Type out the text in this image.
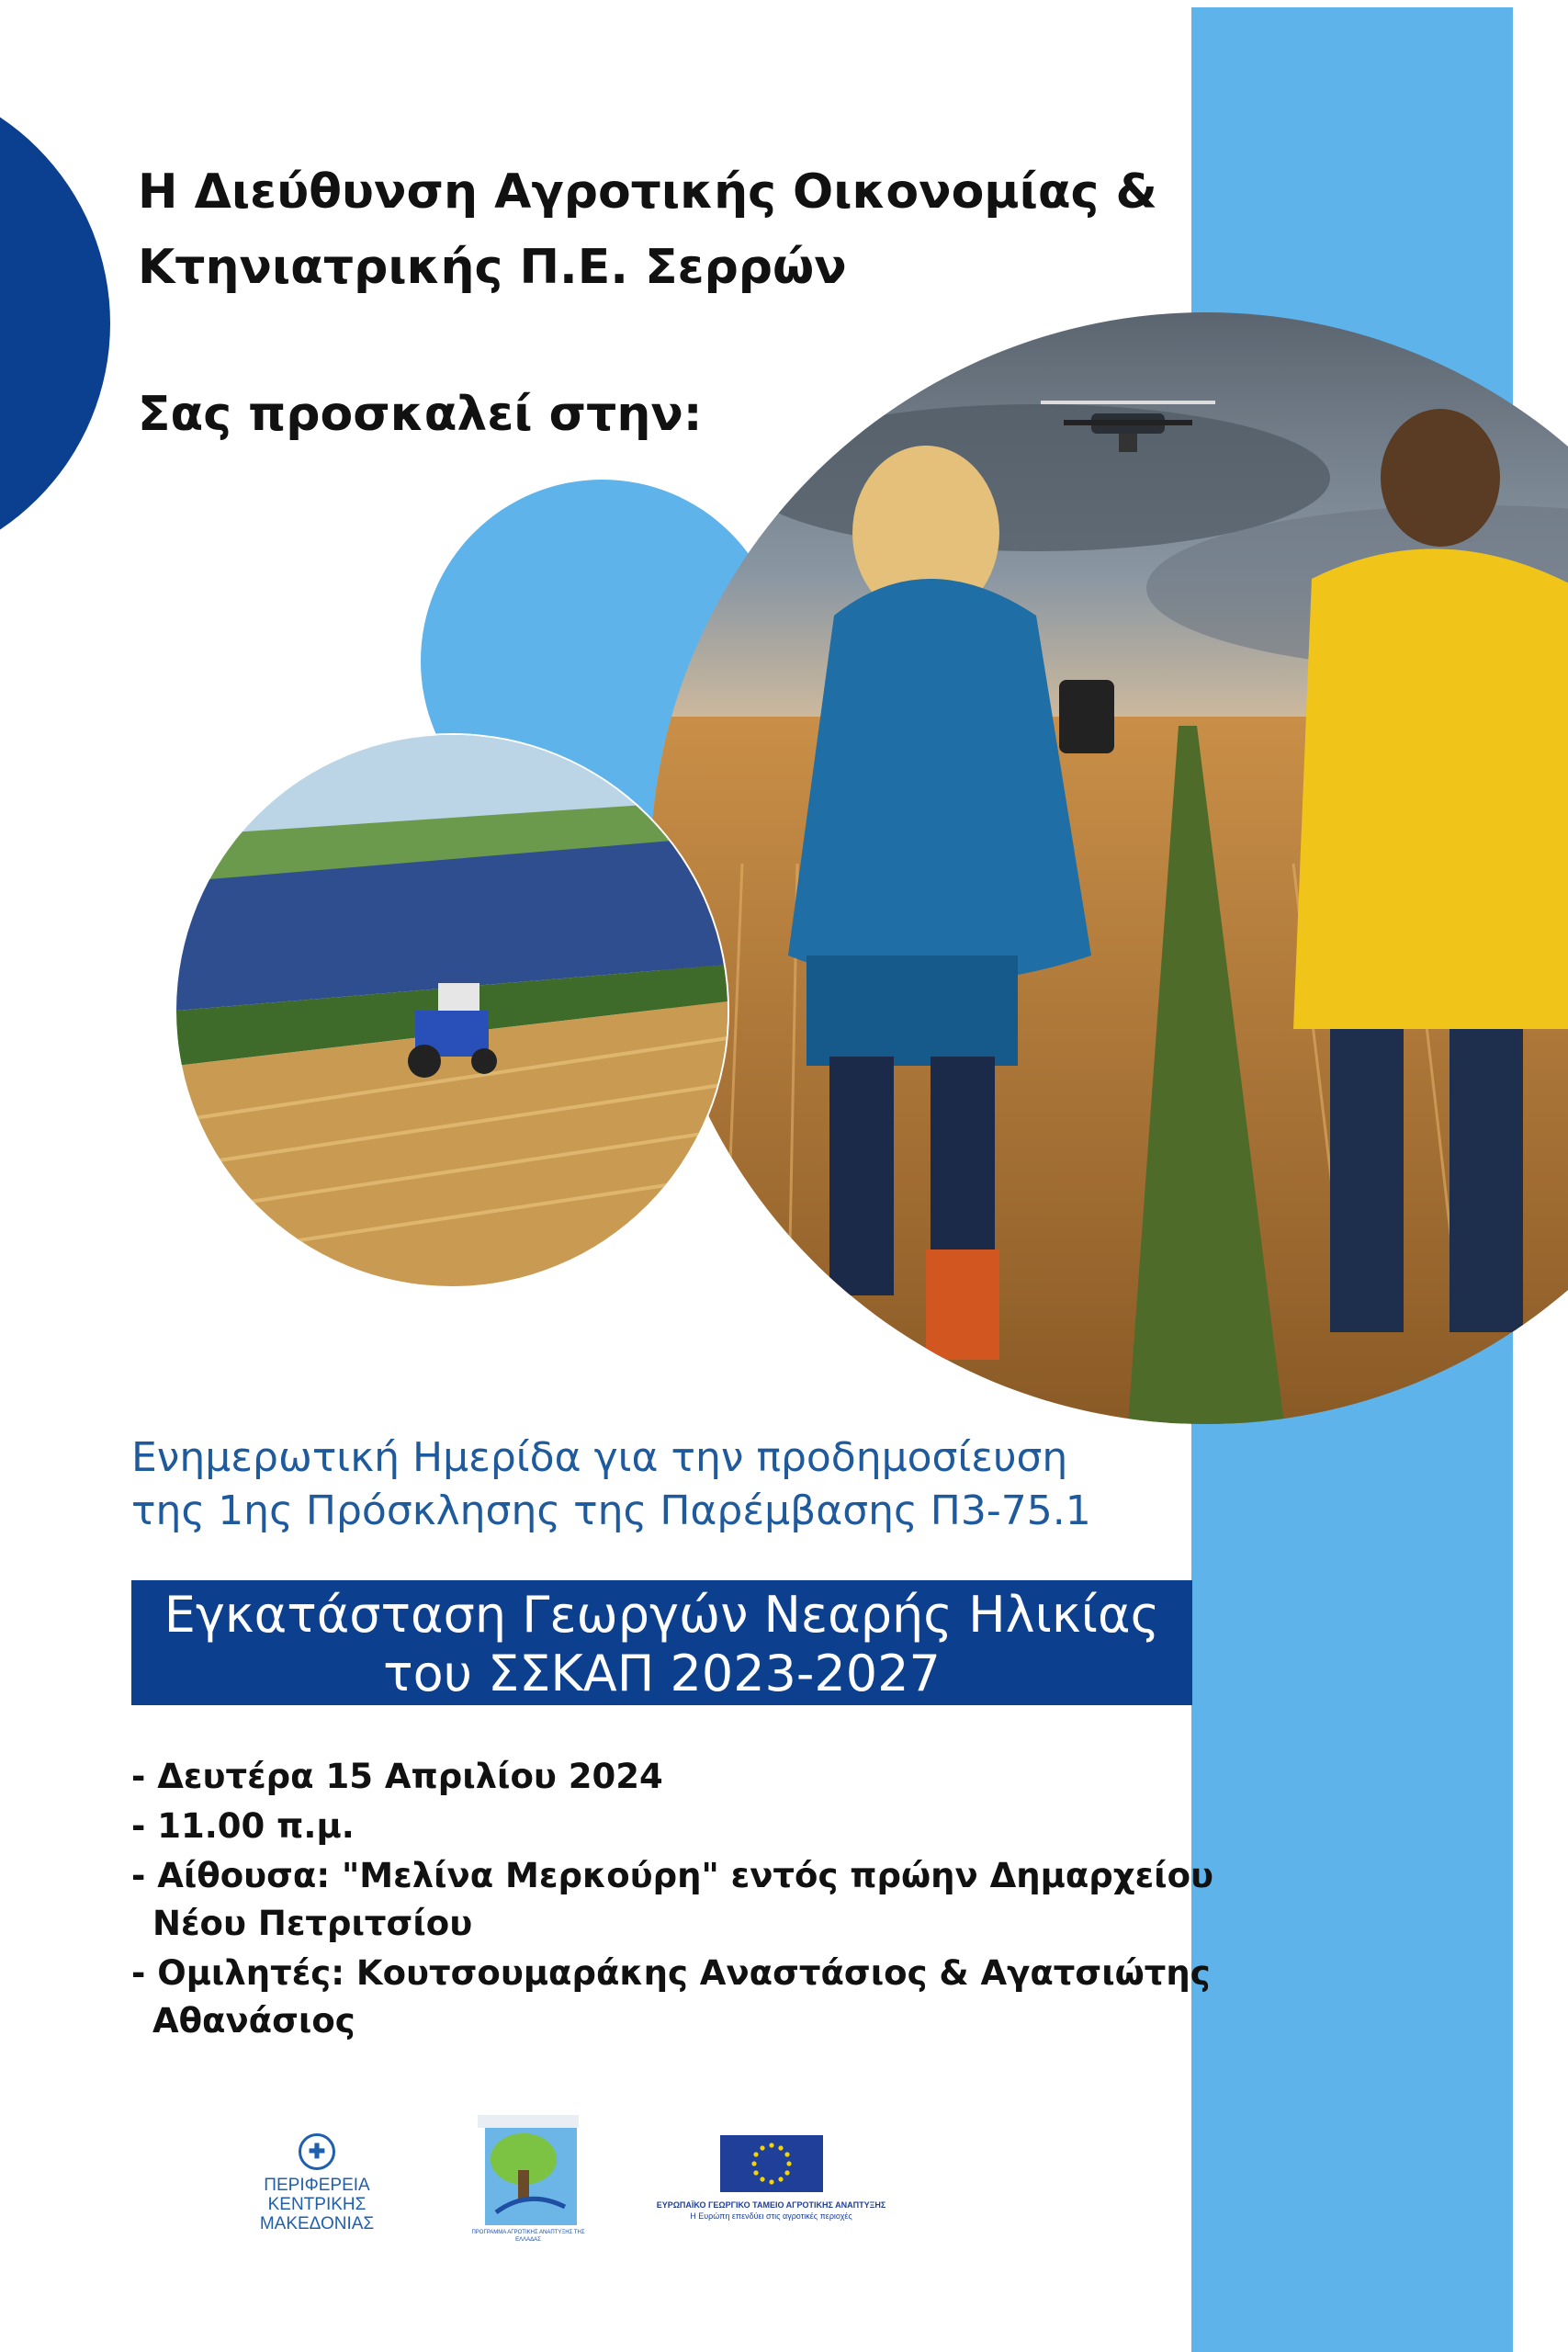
Η Διεύθυνση Αγροτικής Οικονομίας &
Κτηνιατρικής Π.Ε. Σερρών
Σας προσκαλεί στην:
Ενημερωτική Ημερίδα για την προδημοσίευση
της 1ης Πρόσκλησης της Παρέμβασης Π3-75.1
Εγκατάσταση Γεωργών Νεαρής Ηλικίας
του ΣΣΚΑΠ 2023-2027
- Δευτέρα 15 Απριλίου 2024
- 11.00 π.μ.
- Αίθουσα: "Μελίνα Μερκούρη" εντός πρώην Δημαρχείου
Νέου Πετριτσίου
- Ομιλητές: Κουτσουμαράκης Αναστάσιος & Αγατσιώτης
Αθανάσιος
✚
ΠΕΡΙΦΕΡΕΙΑ
ΚΕΝΤΡΙΚΗΣ
ΜΑΚΕΔΟΝΙΑΣ	ΠΡΟΓΡΑΜΜΑ ΑΓΡΟΤΙΚΗΣ ΑΝΑΠΤΥΞΗΣ ΤΗΣ ΕΛΛΑΔΑΣ
ΕΥΡΩΠΑΪΚΟ ΓΕΩΡΓΙΚΟ ΤΑΜΕΙΟ ΑΓΡΟΤΙΚΗΣ ΑΝΑΠΤΥΞΗΣ
Η Ευρώπη επενδύει στις αγροτικές περιοχές
